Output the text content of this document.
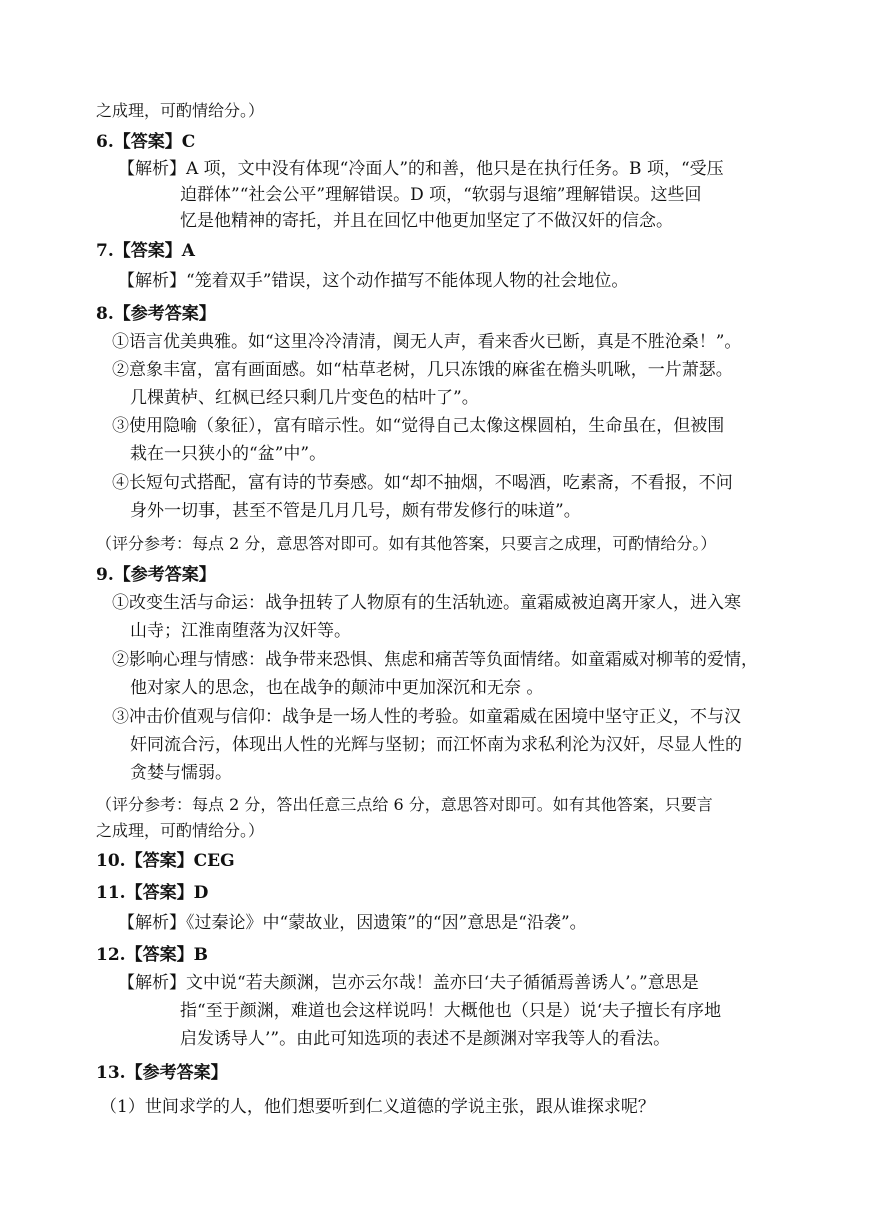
之成理，可酌情给分。）
6.【答案】C
【解析】A 项，文中没有体现“冷面人”的和善，他只是在执行任务。B 项，“受压
迫群体”“社会公平”理解错误。D 项，“软弱与退缩”理解错误。这些回
忆是他精神的寄托，并且在回忆中他更加坚定了不做汉奸的信念。
7.【答案】A
【解析】“笼着双手”错误，这个动作描写不能体现人物的社会地位。
8.【参考答案】
①语言优美典雅。如“这里冷冷清清，阒无人声，看来香火已断，真是不胜沧桑！”。
②意象丰富，富有画面感。如“枯草老树，几只冻饿的麻雀在檐头叽啾，一片萧瑟。
几棵黄栌、红枫已经只剩几片变色的枯叶了”。
③使用隐喻（象征），富有暗示性。如“觉得自己太像这棵圆柏，生命虽在，但被围
栽在一只狭小的“盆”中”。
④长短句式搭配，富有诗的节奏感。如“却不抽烟，不喝酒，吃素斋，不看报，不问
身外一切事，甚至不管是几月几号，颇有带发修行的味道”。
（评分参考：每点 2 分，意思答对即可。如有其他答案，只要言之成理，可酌情给分。）
9.【参考答案】
①改变生活与命运：战争扭转了人物原有的生活轨迹。童霜威被迫离开家人，进入寒
山寺；江淮南堕落为汉奸等。
②影响心理与情感：战争带来恐惧、焦虑和痛苦等负面情绪。如童霜威对柳苇的爱情，
他对家人的思念，也在战争的颠沛中更加深沉和无奈 。
③冲击价值观与信仰：战争是一场人性的考验。如童霜威在困境中坚守正义，不与汉
奸同流合污，体现出人性的光辉与坚韧；而江怀南为求私利沦为汉奸，尽显人性的
贪婪与懦弱。
（评分参考：每点 2 分，答出任意三点给 6 分，意思答对即可。如有其他答案，只要言
之成理，可酌情给分。）
10.【答案】CEG
11.【答案】D
【解析】《过秦论》中“蒙故业，因遗策”的“因”意思是“沿袭”。
12.【答案】B
【解析】文中说“若夫颜渊，岂亦云尔哉！盖亦曰‘夫子循循焉善诱人’。”意思是
指“至于颜渊，难道也会这样说吗！大概他也（只是）说‘夫子擅长有序地
启发诱导人’”。由此可知选项的表述不是颜渊对宰我等人的看法。
13.【参考答案】
（1）世间求学的人，他们想要听到仁义道德的学说主张，跟从谁探求呢？
